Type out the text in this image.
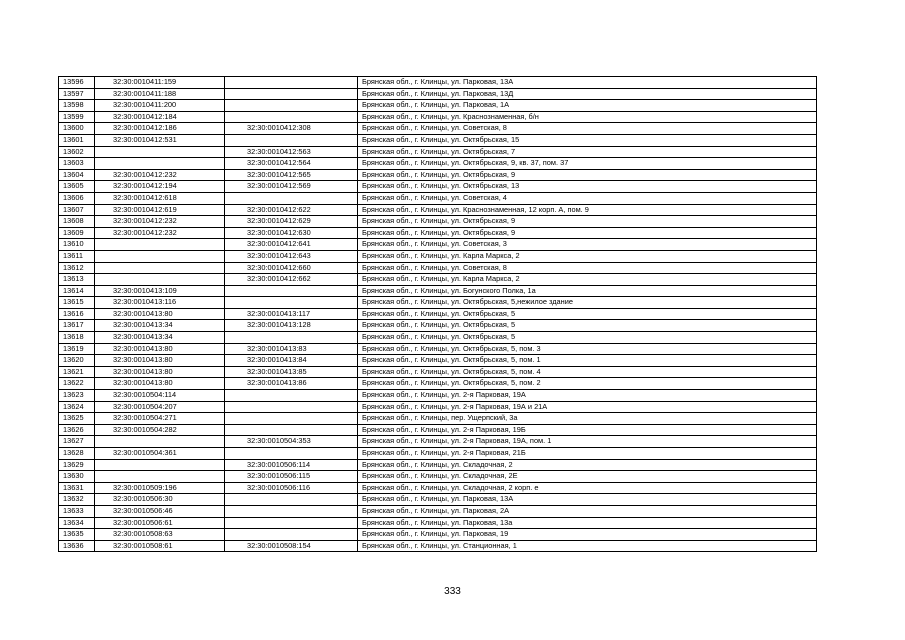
13596	32:30:0010411:159		Брянская обл., г. Клинцы, ул. Парковая, 13А
13597	32:30:0010411:188		Брянская обл., г. Клинцы, ул. Парковая, 13Д
13598	32:30:0010411:200		Брянская обл., г. Клинцы, ул. Парковая, 1А
13599	32:30:0010412:184		Брянская обл., г. Клинцы, ул. Краснознаменная, б/н
13600	32:30:0010412:186	32:30:0010412:308	Брянская обл., г. Клинцы, ул. Советская, 8
13601	32:30:0010412:531		Брянская обл., г. Клинцы, ул. Октябрьская, 15
13602		32:30:0010412:563	Брянская обл., г. Клинцы, ул. Октябрьская, 7
13603		32:30:0010412:564	Брянская обл., г. Клинцы, ул. Октябрьская, 9, кв. 37, пом. 37
13604	32:30:0010412:232	32:30:0010412:565	Брянская обл., г. Клинцы, ул. Октябрьская, 9
13605	32:30:0010412:194	32:30:0010412:569	Брянская обл., г. Клинцы, ул. Октябрьская, 13
13606	32:30:0010412:618		Брянская обл., г. Клинцы, ул. Советская, 4
13607	32:30:0010412:619	32:30:0010412:622	Брянская обл., г. Клинцы, ул. Краснознаменная, 12 корп. А, пом. 9
13608	32:30:0010412:232	32:30:0010412:629	Брянская обл., г. Клинцы, ул. Октябрьская, 9
13609	32:30:0010412:232	32:30:0010412:630	Брянская обл., г. Клинцы, ул. Октябрьская, 9
13610		32:30:0010412:641	Брянская обл., г. Клинцы, ул. Советская, 3
13611		32:30:0010412:643	Брянская обл., г. Клинцы, ул. Карла Маркса, 2
13612		32:30:0010412:660	Брянская обл., г. Клинцы, ул. Советская, 8
13613		32:30:0010412:662	Брянская обл., г. Клинцы, ул. Карла Маркса, 2
13614	32:30:0010413:109		Брянская обл., г. Клинцы, ул. Богунского Полка, 1а
13615	32:30:0010413:116		Брянская обл., г. Клинцы, ул. Октябрьская, 5,нежилое здание
13616	32:30:0010413:80	32:30:0010413:117	Брянская обл., г. Клинцы, ул. Октябрьская, 5
13617	32:30:0010413:34	32:30:0010413:128	Брянская обл., г. Клинцы, ул. Октябрьская, 5
13618	32:30:0010413:34		Брянская обл., г. Клинцы, ул. Октябрьская, 5
13619	32:30:0010413:80	32:30:0010413:83	Брянская обл., г. Клинцы, ул. Октябрьская, 5, пом. 3
13620	32:30:0010413:80	32:30:0010413:84	Брянская обл., г. Клинцы, ул. Октябрьская, 5, пом. 1
13621	32:30:0010413:80	32:30:0010413:85	Брянская обл., г. Клинцы, ул. Октябрьская, 5, пом. 4
13622	32:30:0010413:80	32:30:0010413:86	Брянская обл., г. Клинцы, ул. Октябрьская, 5, пом. 2
13623	32:30:0010504:114		Брянская обл., г. Клинцы, ул. 2-я Парковая, 19А
13624	32:30:0010504:207		Брянская обл., г. Клинцы, ул. 2-я Парковая, 19А и 21А
13625	32:30:0010504:271		Брянская обл., г. Клинцы, пер. Ущерпский, 3а
13626	32:30:0010504:282		Брянская обл., г. Клинцы, ул. 2-я Парковая, 19Б
13627		32:30:0010504:353	Брянская обл., г. Клинцы, ул. 2-я Парковая, 19А, пом. 1
13628	32:30:0010504:361		Брянская обл., г. Клинцы, ул. 2-я Парковая, 21Б
13629		32:30:0010506:114	Брянская обл., г. Клинцы, ул. Складочная, 2
13630		32:30:0010506:115	Брянская обл., г. Клинцы, ул. Складочная, 2Е
13631	32:30:0010509:196	32:30:0010506:116	Брянская обл., г. Клинцы, ул. Складочная, 2 корп. е
13632	32:30:0010506:30		Брянская обл., г. Клинцы, ул. Парковая, 13А
13633	32:30:0010506:46		Брянская обл., г. Клинцы, ул. Парковая, 2А
13634	32:30:0010506:61		Брянская обл., г. Клинцы, ул. Парковая, 13а
13635	32:30:0010508:63		Брянская обл., г. Клинцы, ул. Парковая, 19
13636	32:30:0010508:61	32:30:0010508:154	Брянская обл., г. Клинцы, ул. Станционная, 1
333
